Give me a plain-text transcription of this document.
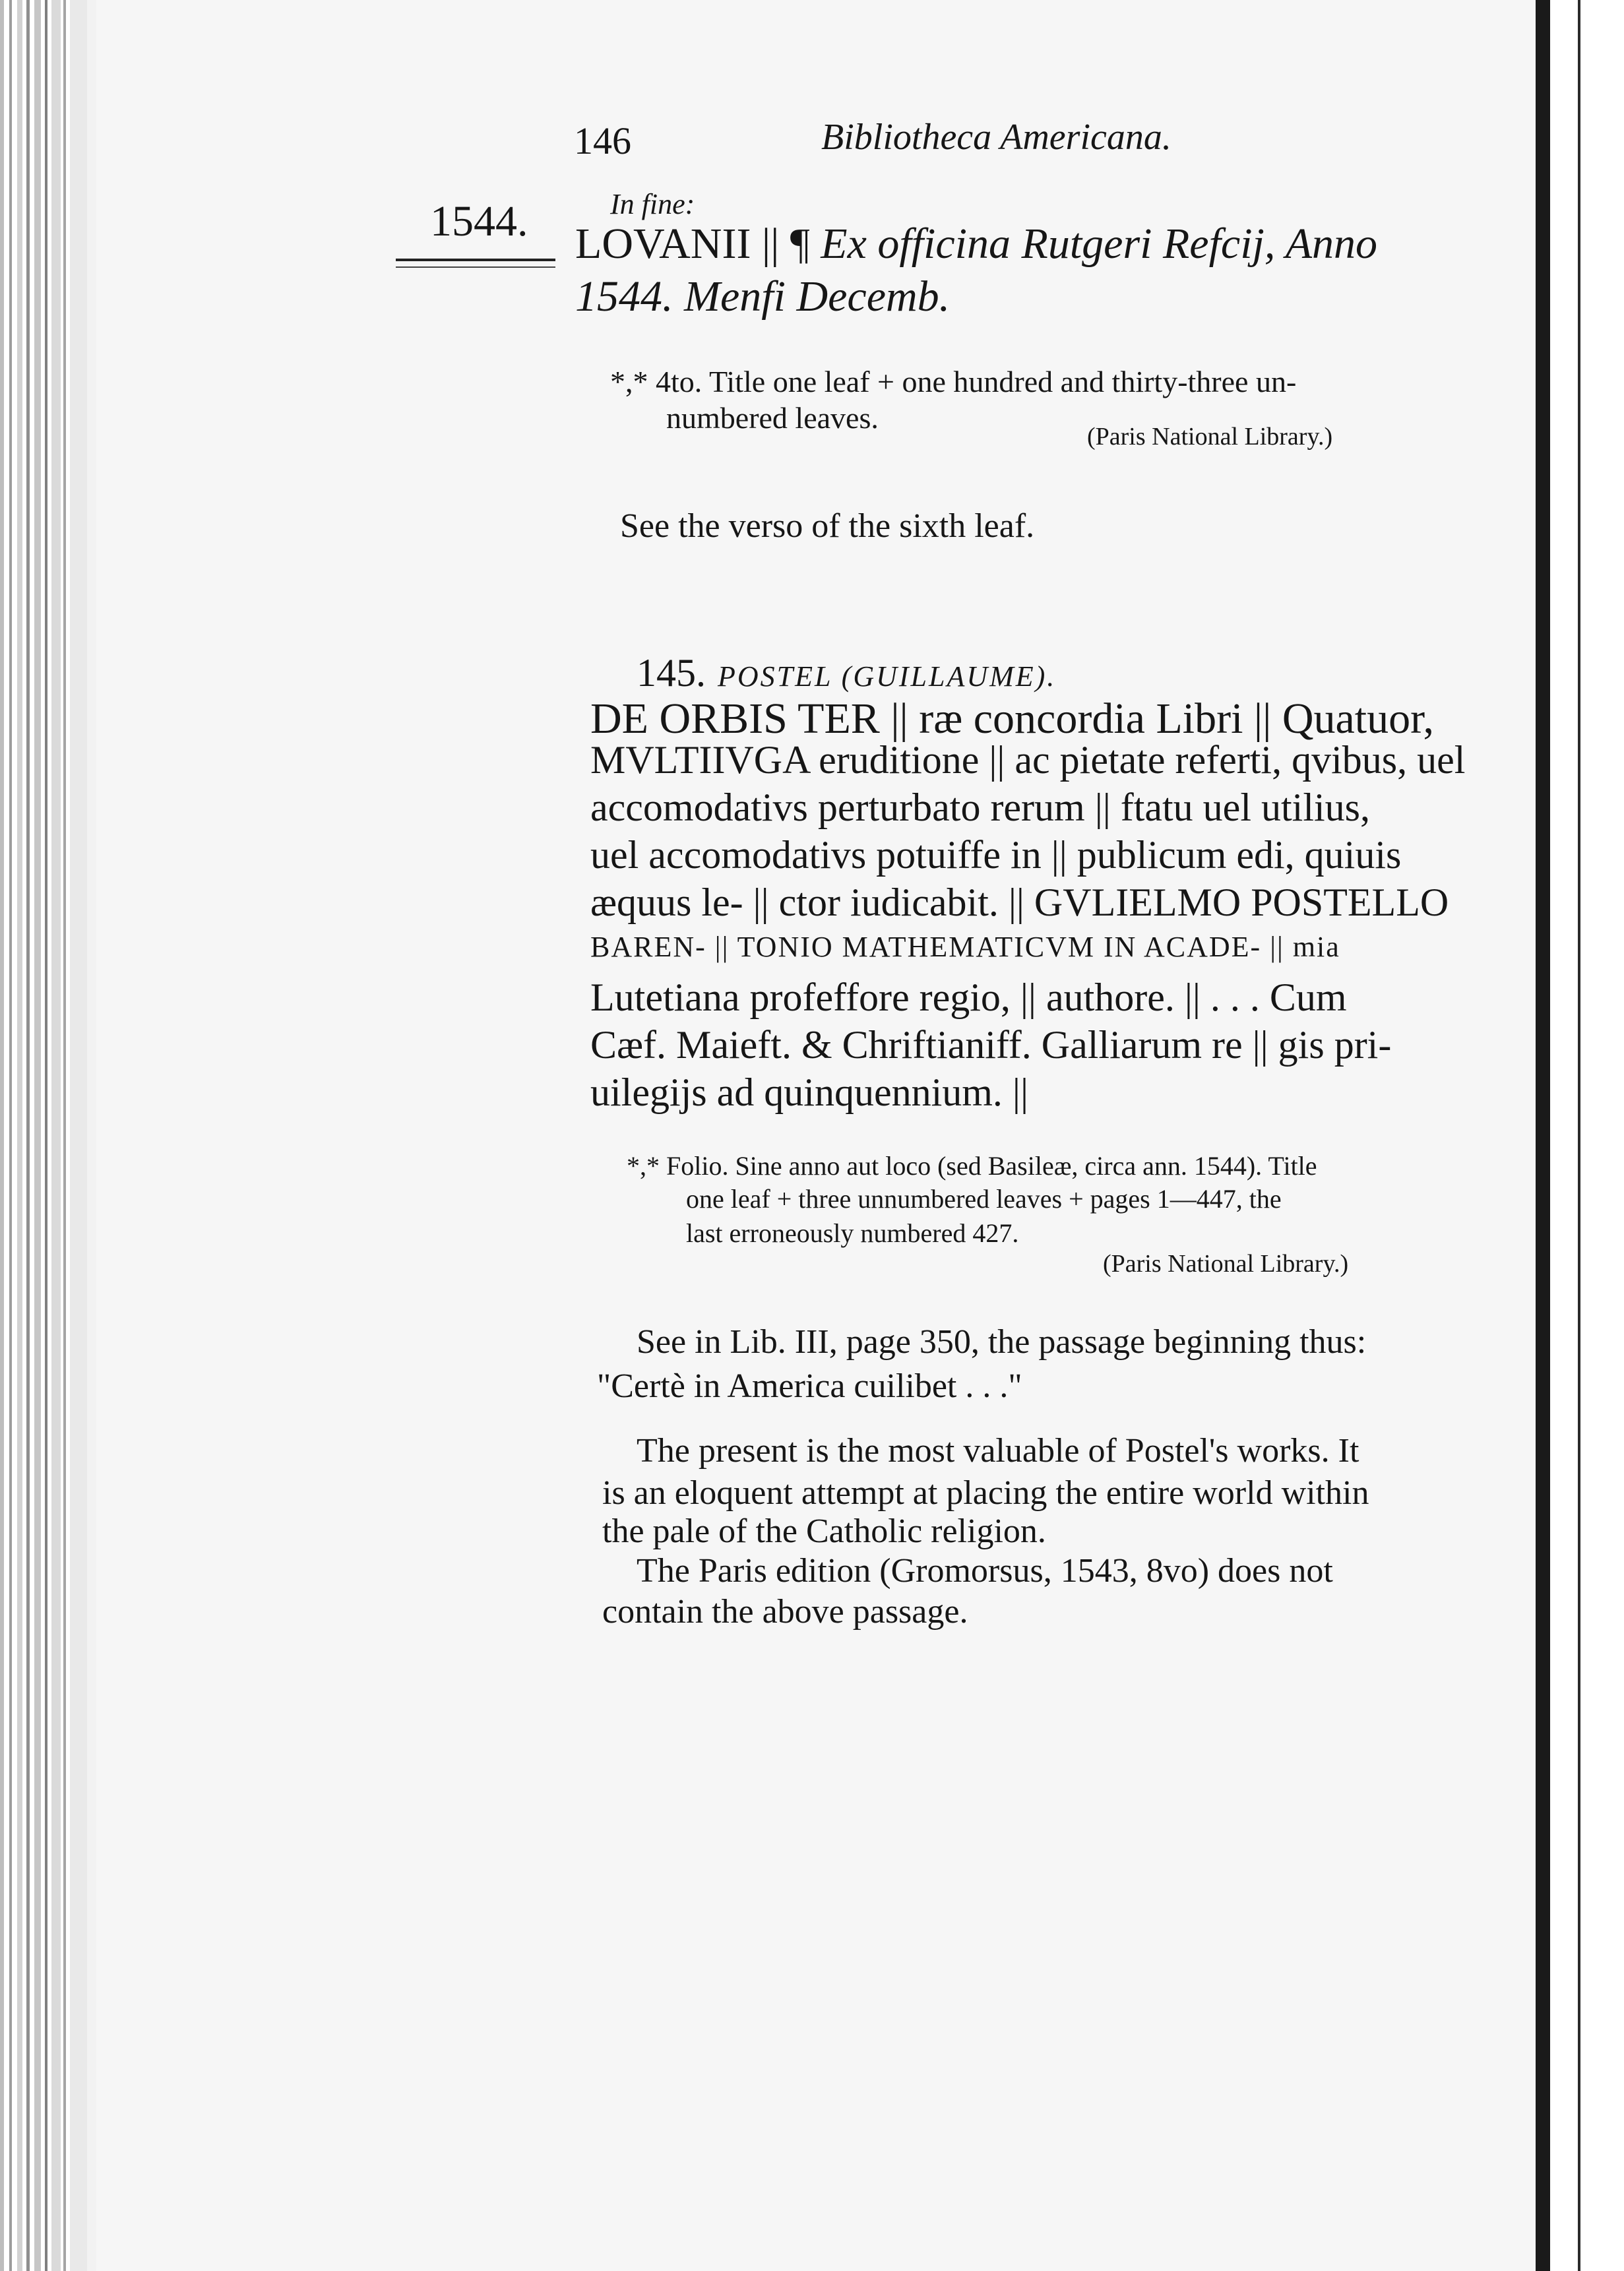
146	Bibliotheca Americana.
1544.	In fine:
LOVANII || ¶ Ex officina Rutgeri Refcij, Anno
1544. Menfi Decemb.
*,* 4to. Title one leaf + one hundred and thirty-three un-
numbered leaves.
(Paris National Library.)
See the verso of the sixth leaf.
145. POSTEL (GUILLAUME).
DE ORBIS TER || ræ concordia Libri || Quatuor,
MVLTIIVGA eruditione || ac pietate referti, qvibus, uel
accomodativs perturbato rerum || ftatu uel utilius,
uel accomodativs potuiffe in || publicum edi, quiuis
æquus le- || ctor iudicabit. || GVLIELMO POSTELLO
BAREN- || TONIO MATHEMATICVM IN ACADE- || mia
Lutetiana profeffore regio, || authore. || . . . Cum
Cæf. Maieft. & Chriftianiff. Galliarum re || gis pri-
uilegijs ad quinquennium. ||
*,* Folio. Sine anno aut loco (sed Basileæ, circa ann. 1544). Title
one leaf + three unnumbered leaves + pages 1—447, the
last erroneously numbered 427.
(Paris National Library.)
See in Lib. III, page 350, the passage beginning thus:
"Certè in America cuilibet . . ."
The present is the most valuable of Postel's works. It
is an eloquent attempt at placing the entire world within
the pale of the Catholic religion.
The Paris edition (Gromorsus, 1543, 8vo) does not
contain the above passage.
